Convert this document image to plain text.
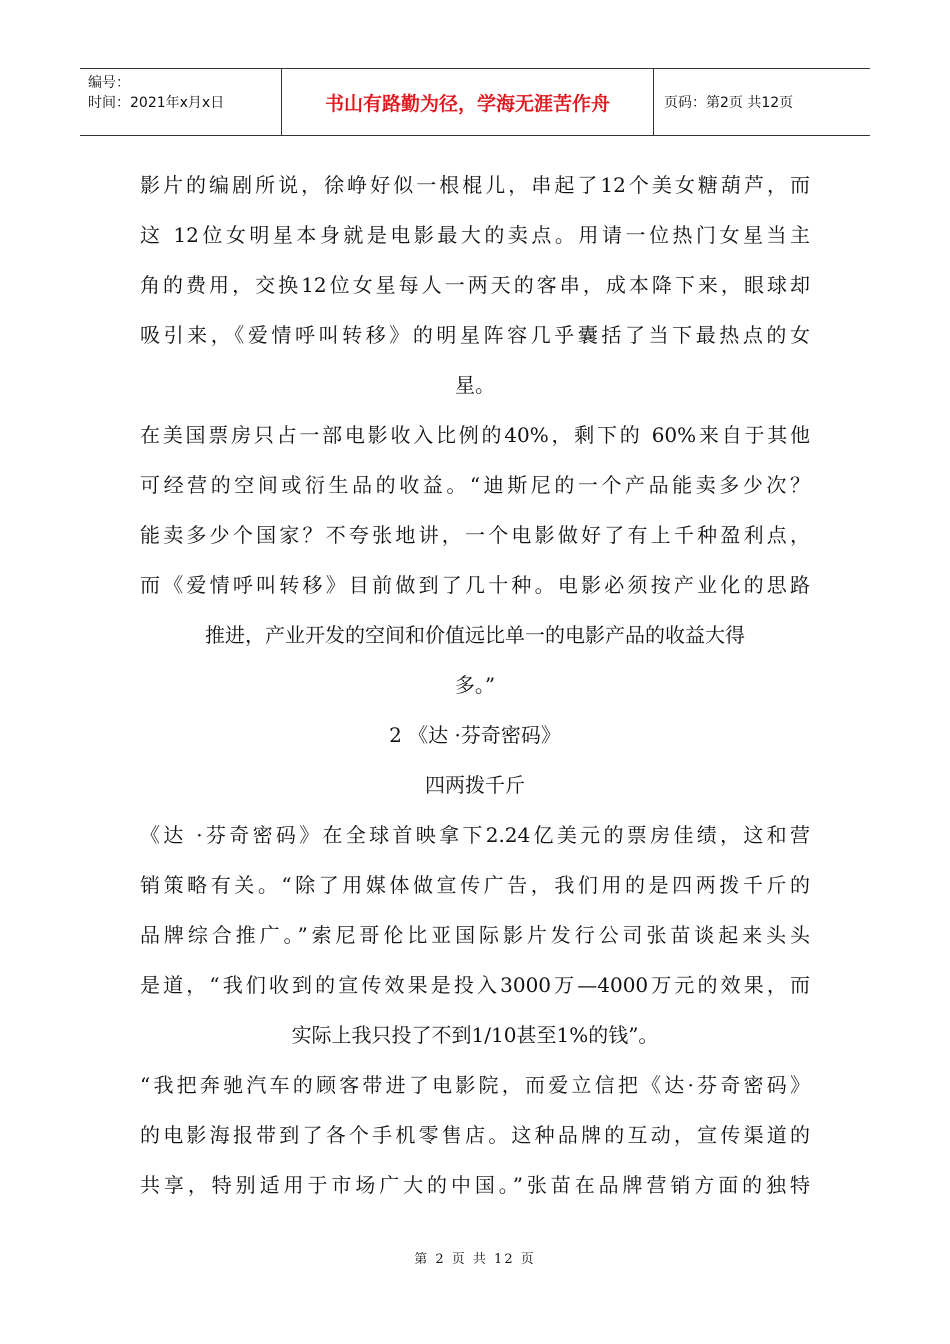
编号：
时间：2021年x月x日	书山有路勤为径，学海无涯苦作舟	页码：第2页 共12页
影片的编剧所说，徐峥好似一根棍儿，串起了12个美女糖葫芦，而
这 12位女明星本身就是电影最大的卖点。用请一位热门女星当主
角的费用，交换12位女星每人一两天的客串，成本降下来，眼球却
吸引来，《爱情呼叫转移》的明星阵容几乎囊括了当下最热点的女
星。
在美国票房只占一部电影收入比例的40%，剩下的 60%来自于其他
可经营的空间或衍生品的收益。“迪斯尼的一个产品能卖多少次？
能卖多少个国家？不夸张地讲，一个电影做好了有上千种盈利点，
而《爱情呼叫转移》目前做到了几十种。电影必须按产业化的思路
推进，产业开发的空间和价值远比单一的电影产品的收益大得
多。”
2 《达 ·芬奇密码》
四两拨千斤
《达 ·芬奇密码》在全球首映拿下2.24亿美元的票房佳绩，这和营
销策略有关。“除了用媒体做宣传广告，我们用的是四两拨千斤的
品牌综合推广。”索尼哥伦比亚国际影片发行公司张苗谈起来头头
是道，“我们收到的宣传效果是投入3000万—4000万元的效果，而
实际上我只投了不到1/10甚至1%的钱”。
“我把奔驰汽车的顾客带进了电影院，而爱立信把《达·芬奇密码》
的电影海报带到了各个手机零售店。这种品牌的互动，宣传渠道的
共享，特别适用于市场广大的中国。”张苗在品牌营销方面的独特
第 2 页 共 12 页
